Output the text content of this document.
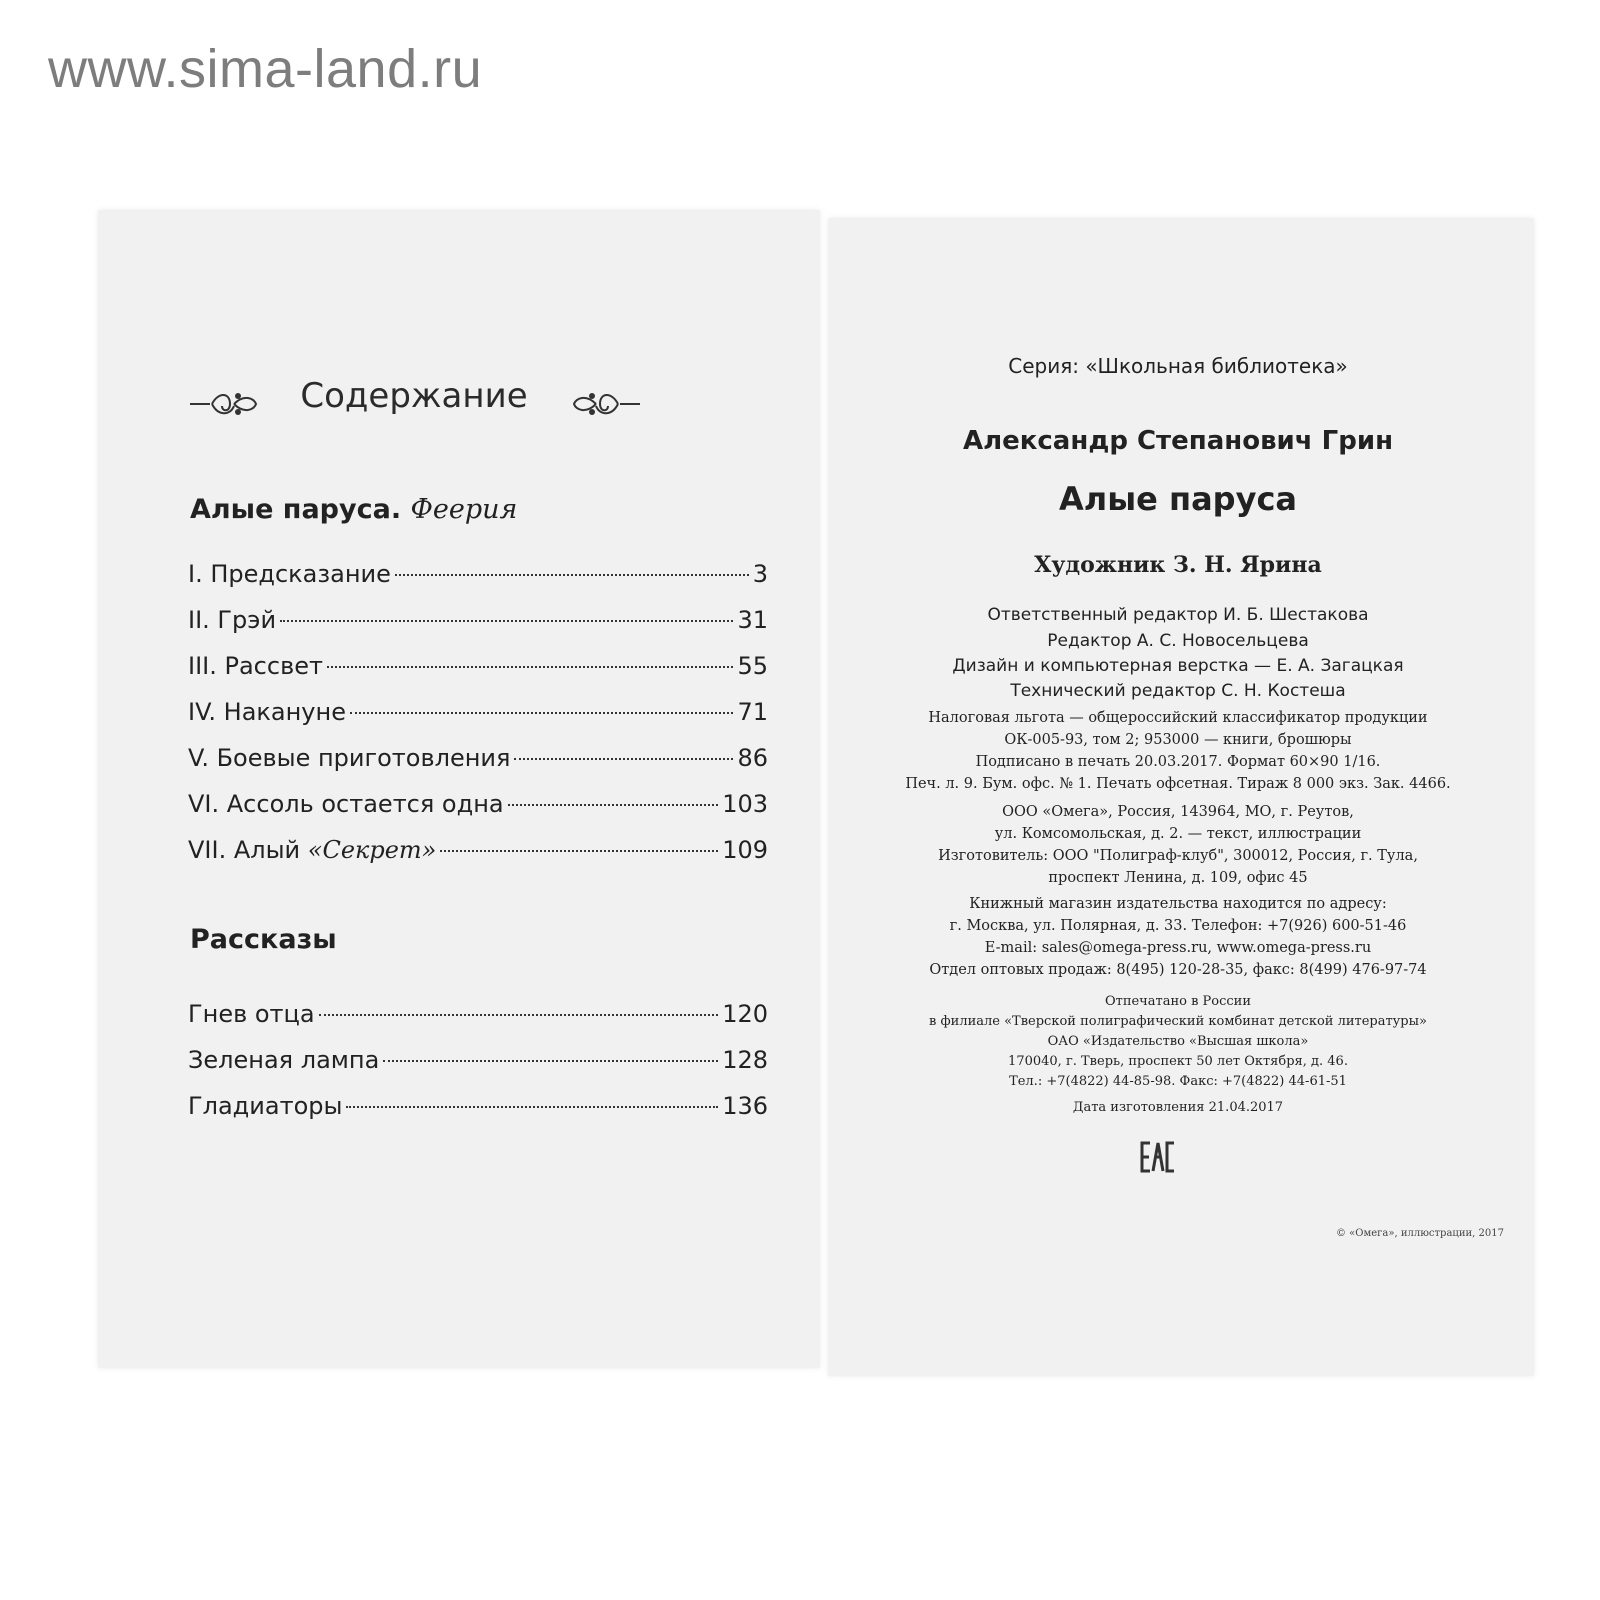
www.sima-land.ru
Содержание
Алые паруса. Феерия
I. Предсказание	3
II. Грэй	31
III. Рассвет	55
IV. Накануне	71
V. Боевые приготовления	86
VI. Ассоль остается одна	103
VII. Алый «Секрет»	109
Рассказы
Гнев отца	120
Зеленая лампа	128
Гладиаторы	136
Серия: «Школьная библиотека»
Александр Степанович Грин
Алые паруса
Художник З. Н. Ярина
Ответственный редактор И. Б. Шестакова
Редактор А. С. Новосельцева
Дизайн и компьютерная верстка — Е. А. Загацкая
Технический редактор С. Н. Костеша
Налоговая льгота — общероссийский классификатор продукции
ОК-005-93, том 2; 953000 — книги, брошюры
Подписано в печать 20.03.2017. Формат 60×90 1/16.
Печ. л. 9. Бум. офс. № 1. Печать офсетная. Тираж 8 000 экз. Зак. 4466.
ООО «Омега», Россия, 143964, МО, г. Реутов,
ул. Комсомольская, д. 2. — текст, иллюстрации
Изготовитель: ООО "Полиграф-клуб", 300012, Россия, г. Тула,
проспект Ленина, д. 109, офис 45
Книжный магазин издательства находится по адресу:
г. Москва, ул. Полярная, д. 33. Телефон: +7(926) 600-51-46
E-mail: sales@omega-press.ru, www.omega-press.ru
Отдел оптовых продаж: 8(495) 120-28-35, факс: 8(499) 476-97-74
Отпечатано в России
в филиале «Тверской полиграфический комбинат детской литературы»
ОАО «Издательство «Высшая школа»
170040, г. Тверь, проспект 50 лет Октября, д. 46.
Тел.: +7(4822) 44-85-98. Факс: +7(4822) 44-61-51
Дата изготовления 21.04.2017
© «Омега», иллюстрации, 2017
